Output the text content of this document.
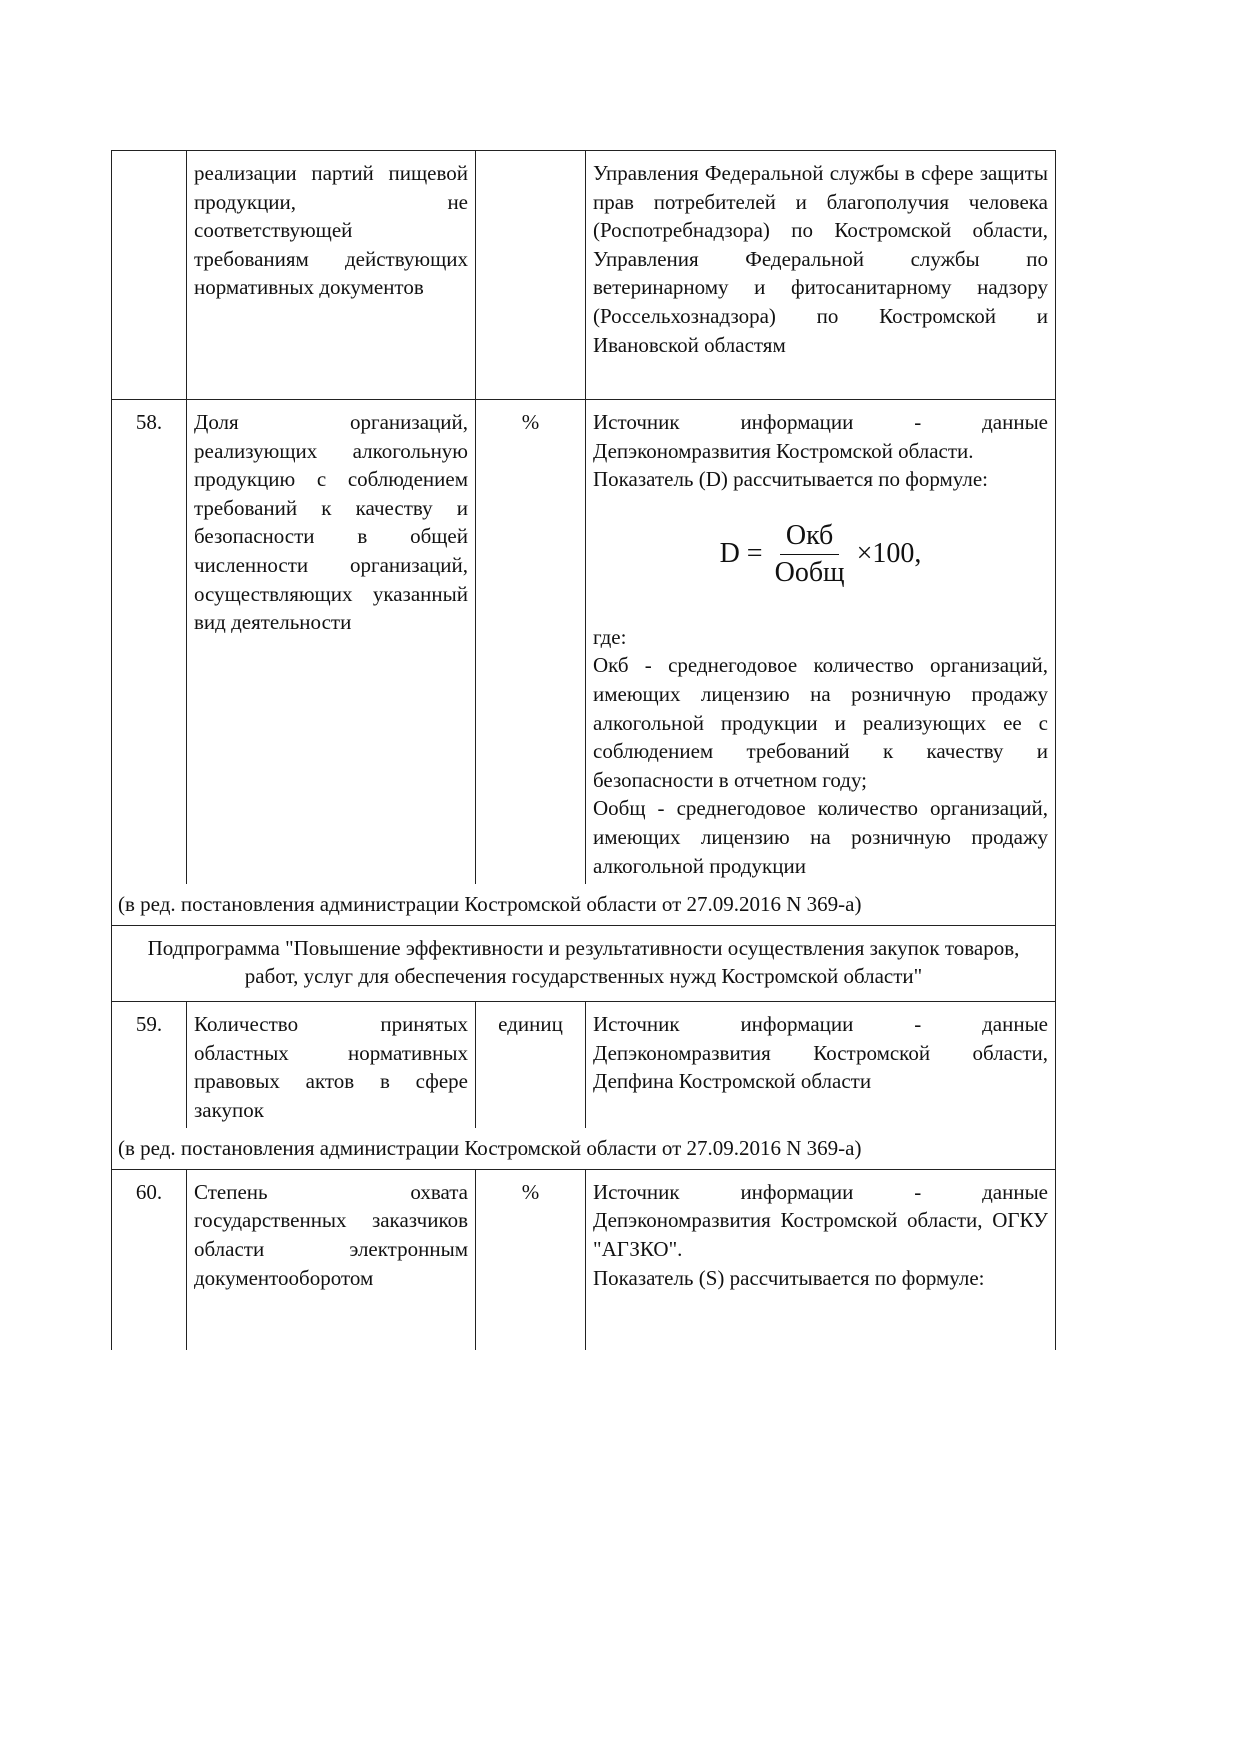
	реализации партий пищевой продукции, не соответствующей требованиям действующих нормативных документов		Управления Федеральной службы в сфере защиты прав потребителей и благополучия человека (Роспотребнадзора) по Костромской области, Управления Федеральной службы по ветеринарному и фитосанитарному надзору (Россельхознадзора) по Костромской и Ивановской областям
58.	Доля организаций, реализующих алкогольную продукцию с соблюдением требований к качеству и безопасности в общей численности организаций, осуществляющих указанный вид деятельности	%	Источник информации - данные Депэкономразвития Костромской области.
Показатель (D) рассчитывается по формуле:
$D = \frac{\text{Окб}}{\text{Ообщ}} \times 100$,
где:
Окб - среднегодовое количество организаций, имеющих лицензию на розничную продажу алкогольной продукции и реализующих ее с соблюдением требований к качеству и безопасности в отчетном году;
Ообщ - среднегодовое количество организаций, имеющих лицензию на розничную продажу алкогольной продукции

(в ред. постановления администрации Костромской области от 27.09.2016 N 369-а)			
Подпрограмма "Повышение эффективности и результативности осуществления закупок товаров, работ, услуг для обеспечения государственных нужд Костромской области"			
59.	Количество принятых областных нормативных правовых актов в сфере закупок	единиц	Источник информации - данные Депэкономразвития Костромской области, Депфина Костромской области
(в ред. постановления администрации Костромской области от 27.09.2016 N 369-а)			
60.	Степень охвата государственных заказчиков области электронным документооборотом	%	Источник информации - данные Депэкономразвития Костромской области, ОГКУ "АГЗКО".
Показатель (S) рассчитывается по формуле:
